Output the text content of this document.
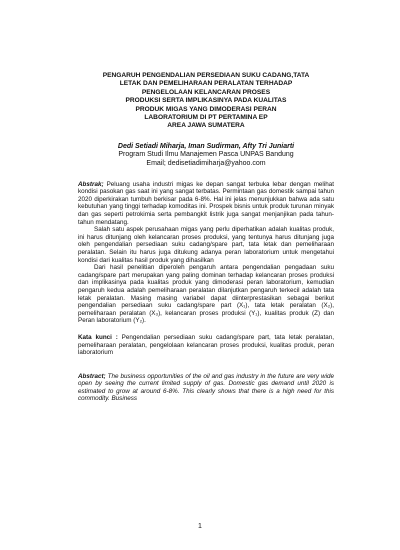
PENGARUH PENGENDALIAN PERSEDIAAN SUKU CADANG,TATA
LETAK DAN PEMELIHARAAN PERALATAN TERHADAP
PENGELOLAAN KELANCARAN PROSES
PRODUKSI SERTA IMPLIKASINYA PADA KUALITAS
PRODUK MIGAS YANG DIMODERASI PERAN
LABORATORIUM DI PT PERTAMINA EP
AREA JAWA SUMATERA
Dedi Setiadi Miharja, Iman Sudirman, Afty Tri Juniarti
Program Studi Ilmu Manajemen Pasca UNPAS Bandung
Email; dedisetiadimiharja@yahoo.com

Abstrak; Peluang usaha industri migas ke depan sangat terbuka lebar dengan melihat kondisi pasokan gas saat ini yang sangat terbatas. Permintaan gas domestik sampai tahun 2020 diperkirakan tumbuh berkisar pada 6-8%. Hal ini jelas menunjukkan bahwa ada satu kebutuhan yang tinggi terhadap komoditas ini. Prospek bisnis untuk produk turunan minyak dan gas seperti petrokimia serta pembangkit listrik juga sangat menjanjikan pada tahun-tahun mendatang.

Salah satu aspek perusahaan migas yang perlu diperhatikan adalah kualitas produk, ini harus ditunjang oleh kelancaran proses produksi, yang tentunya harus ditunjang juga oleh pengendalian persediaan suku cadang/spare part, tata letak dan pemeliharaan peralatan. Selain itu harus juga ditukung adanya peran laboratorium untuk mengetahui kondisi dari kualitas hasil produk yang dihasilkan

Dari hasil penelitian diperoleh pengaruh antara pengendalian pengadaan suku cadang/spare part merupakan yang paling dominan terhadap kelancaran proses produksi dan implikasinya pada kualitas produk yang dimoderasi peran laboratorium, kemudian pengaruh kedua adalah pemeliharaan peralatan dilanjutkan pengaruh terkecil adalah tata letak peralatan. Masing masing variabel dapat diinterprestasikan sebagai berikut pengendalian persediaan suku cadang/spare part (X₁), tata letak peralatan (X₂), pemeliharaan peralatan (X₃), kelancaran proses produksi (Y₁), kualitas produk (Z) dan Peran laboratorium (Y₂).

Kata kunci : Pengendalian persediaan suku cadang/spare part, tata letak peralatan, pemeliharaan peralatan, pengelolaan kelancaran proses produksi, kualitas produk, peran laboratorium
Abstract; The business opportunities of the oil and gas industry in the future are very wide open by seeing the current limited supply of gas. Domestic gas demand until 2020 is estimated to grow at around 6-8%. This clearly shows that there is a high need for this commodity. Business
1
